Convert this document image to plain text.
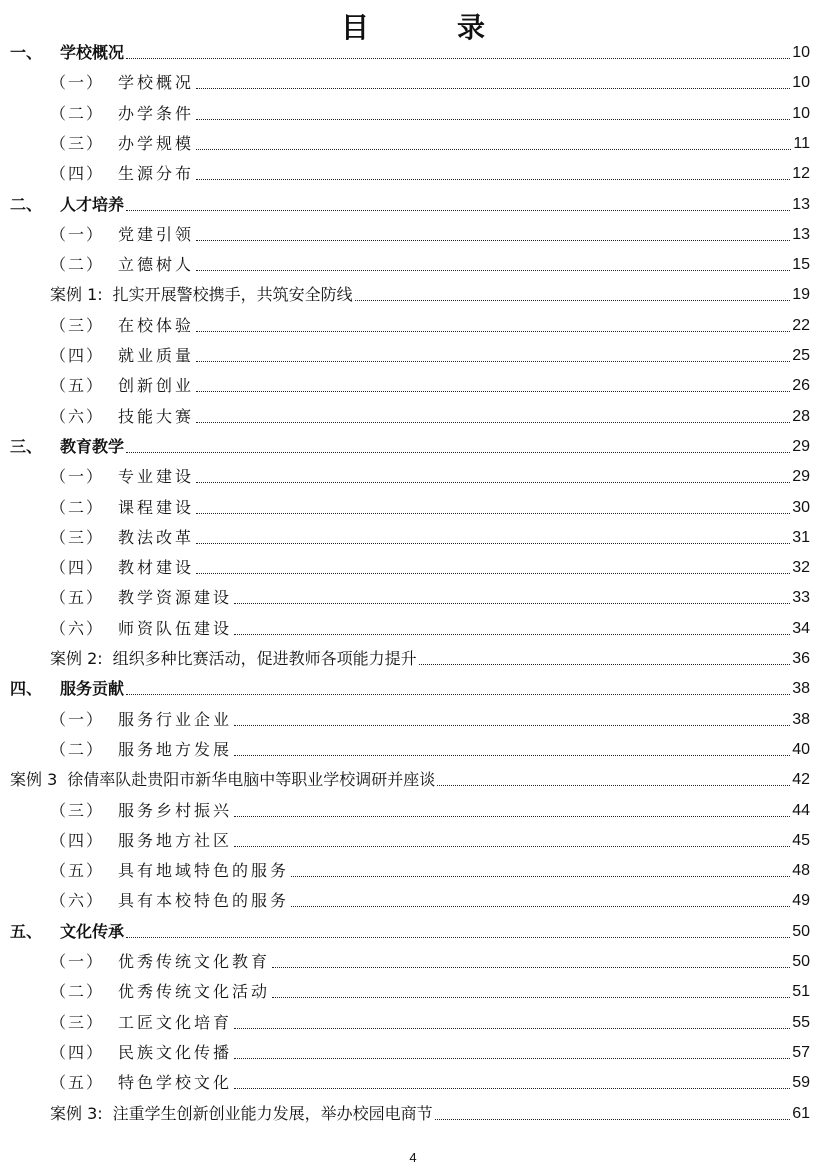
目　录
一、	学校概况	10
（一） 学校概况	10
（二） 办学条件	10
（三） 办学规模	11
（四） 生源分布	12
二、	人才培养	13
（一） 党建引领	13
（二） 立德树人	15
案例 1: 扎实开展警校携手，共筑安全防线	19
（三） 在校体验	22
（四） 就业质量	25
（五） 创新创业	26
（六） 技能大赛	28
三、	教育教学	29
（一） 专业建设	29
（二） 课程建设	30
（三） 教法改革	31
（四） 教材建设	32
（五） 教学资源建设	33
（六） 师资队伍建设	34
案例 2: 组织多种比赛活动，促进教师各项能力提升	36
四、	服务贡献	38
（一） 服务行业企业	38
（二） 服务地方发展	40
案例 3 徐倩率队赴贵阳市新华电脑中等职业学校调研并座谈	42
（三） 服务乡村振兴	44
（四） 服务地方社区	45
（五） 具有地域特色的服务	48
（六） 具有本校特色的服务	49
五、	文化传承	50
（一） 优秀传统文化教育	50
（二） 优秀传统文化活动	51
（三） 工匠文化培育	55
（四） 民族文化传播	57
（五） 特色学校文化	59
案例 3: 注重学生创新创业能力发展，举办校园电商节	61
4
